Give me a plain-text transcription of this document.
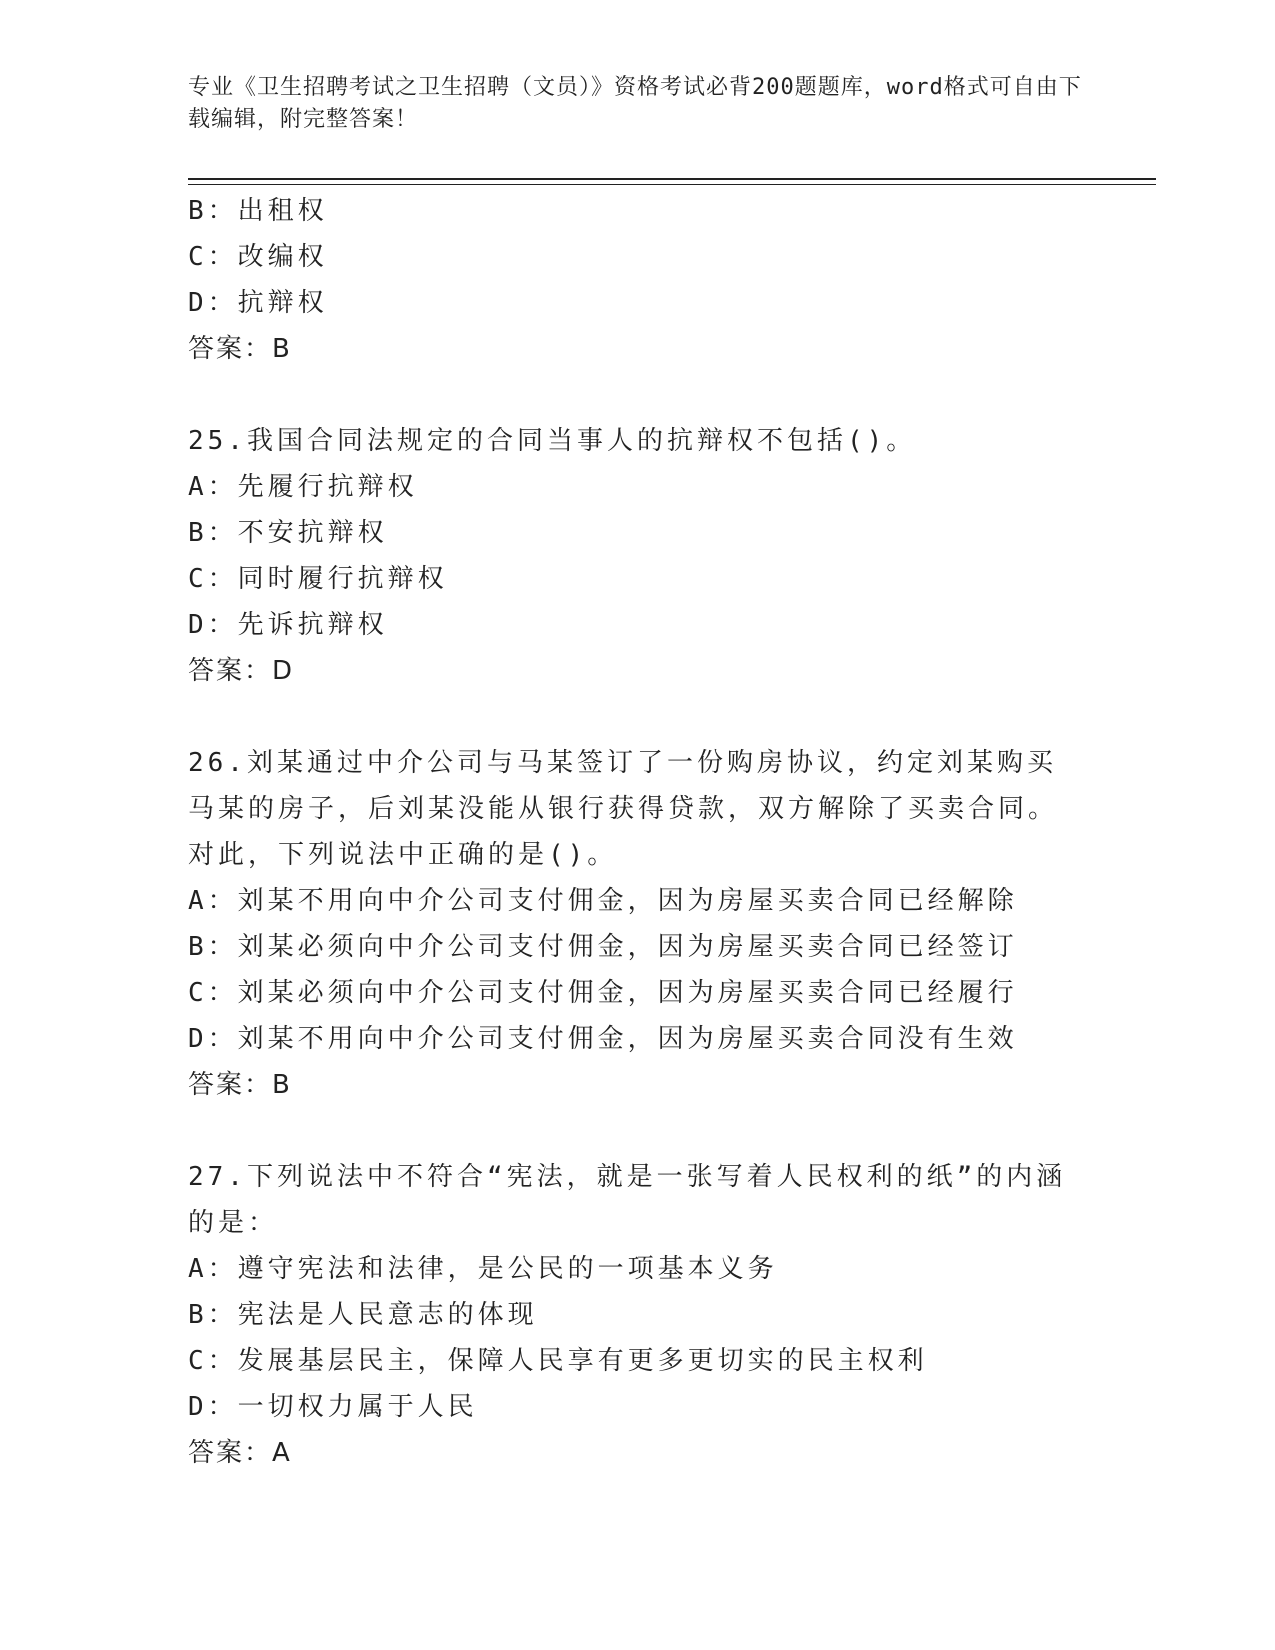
专业《卫生招聘考试之卫生招聘（文员）》资格考试必背200题题库，word格式可自由下载编辑，附完整答案！
B：出租权
C：改编权
D：抗辩权
答案：B
25.我国合同法规定的合同当事人的抗辩权不包括()。
A：先履行抗辩权
B：不安抗辩权
C：同时履行抗辩权
D：先诉抗辩权
答案：D
26.刘某通过中介公司与马某签订了一份购房协议，约定刘某购买马某的房子，后刘某没能从银行获得贷款，双方解除了买卖合同。对此，下列说法中正确的是()。
A：刘某不用向中介公司支付佣金，因为房屋买卖合同已经解除
B：刘某必须向中介公司支付佣金，因为房屋买卖合同已经签订
C：刘某必须向中介公司支付佣金，因为房屋买卖合同已经履行
D：刘某不用向中介公司支付佣金，因为房屋买卖合同没有生效
答案：B
27.下列说法中不符合“宪法，就是一张写着人民权利的纸”的内涵的是：
A：遵守宪法和法律，是公民的一项基本义务
B：宪法是人民意志的体现
C：发展基层民主，保障人民享有更多更切实的民主权利
D：一切权力属于人民
答案：A
